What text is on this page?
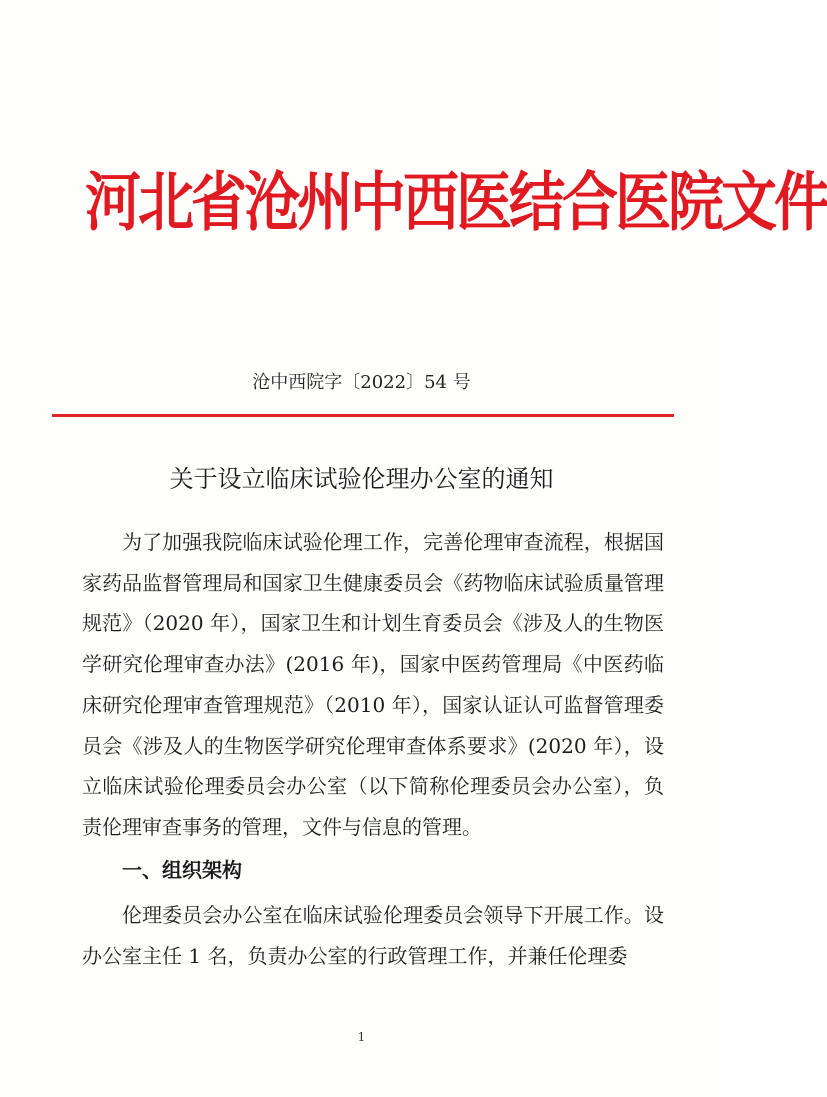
河北省沧州中西医结合医院文件
沧中西院字〔2022〕54 号
关于设立临床试验伦理办公室的通知

为了加强我院临床试验伦理工作，完善伦理审查流程，根据国家药品监督管理局和国家卫生健康委员会《药物临床试验质量管理规范》（2020 年），国家卫生和计划生育委员会《涉及人的生物医学研究伦理审查办法》(2016 年)，国家中医药管理局《中医药临床研究伦理审查管理规范》（2010 年），国家认证认可监督管理委员会《涉及人的生物医学研究伦理审查体系要求》(2020 年），设立临床试验伦理委员会办公室（以下简称伦理委员会办公室），负责伦理审查事务的管理，文件与信息的管理。

一、组织架构

伦理委员会办公室在临床试验伦理委员会领导下开展工作。设办公室主任 1 名，负责办公室的行政管理工作，并兼任伦理委

1
